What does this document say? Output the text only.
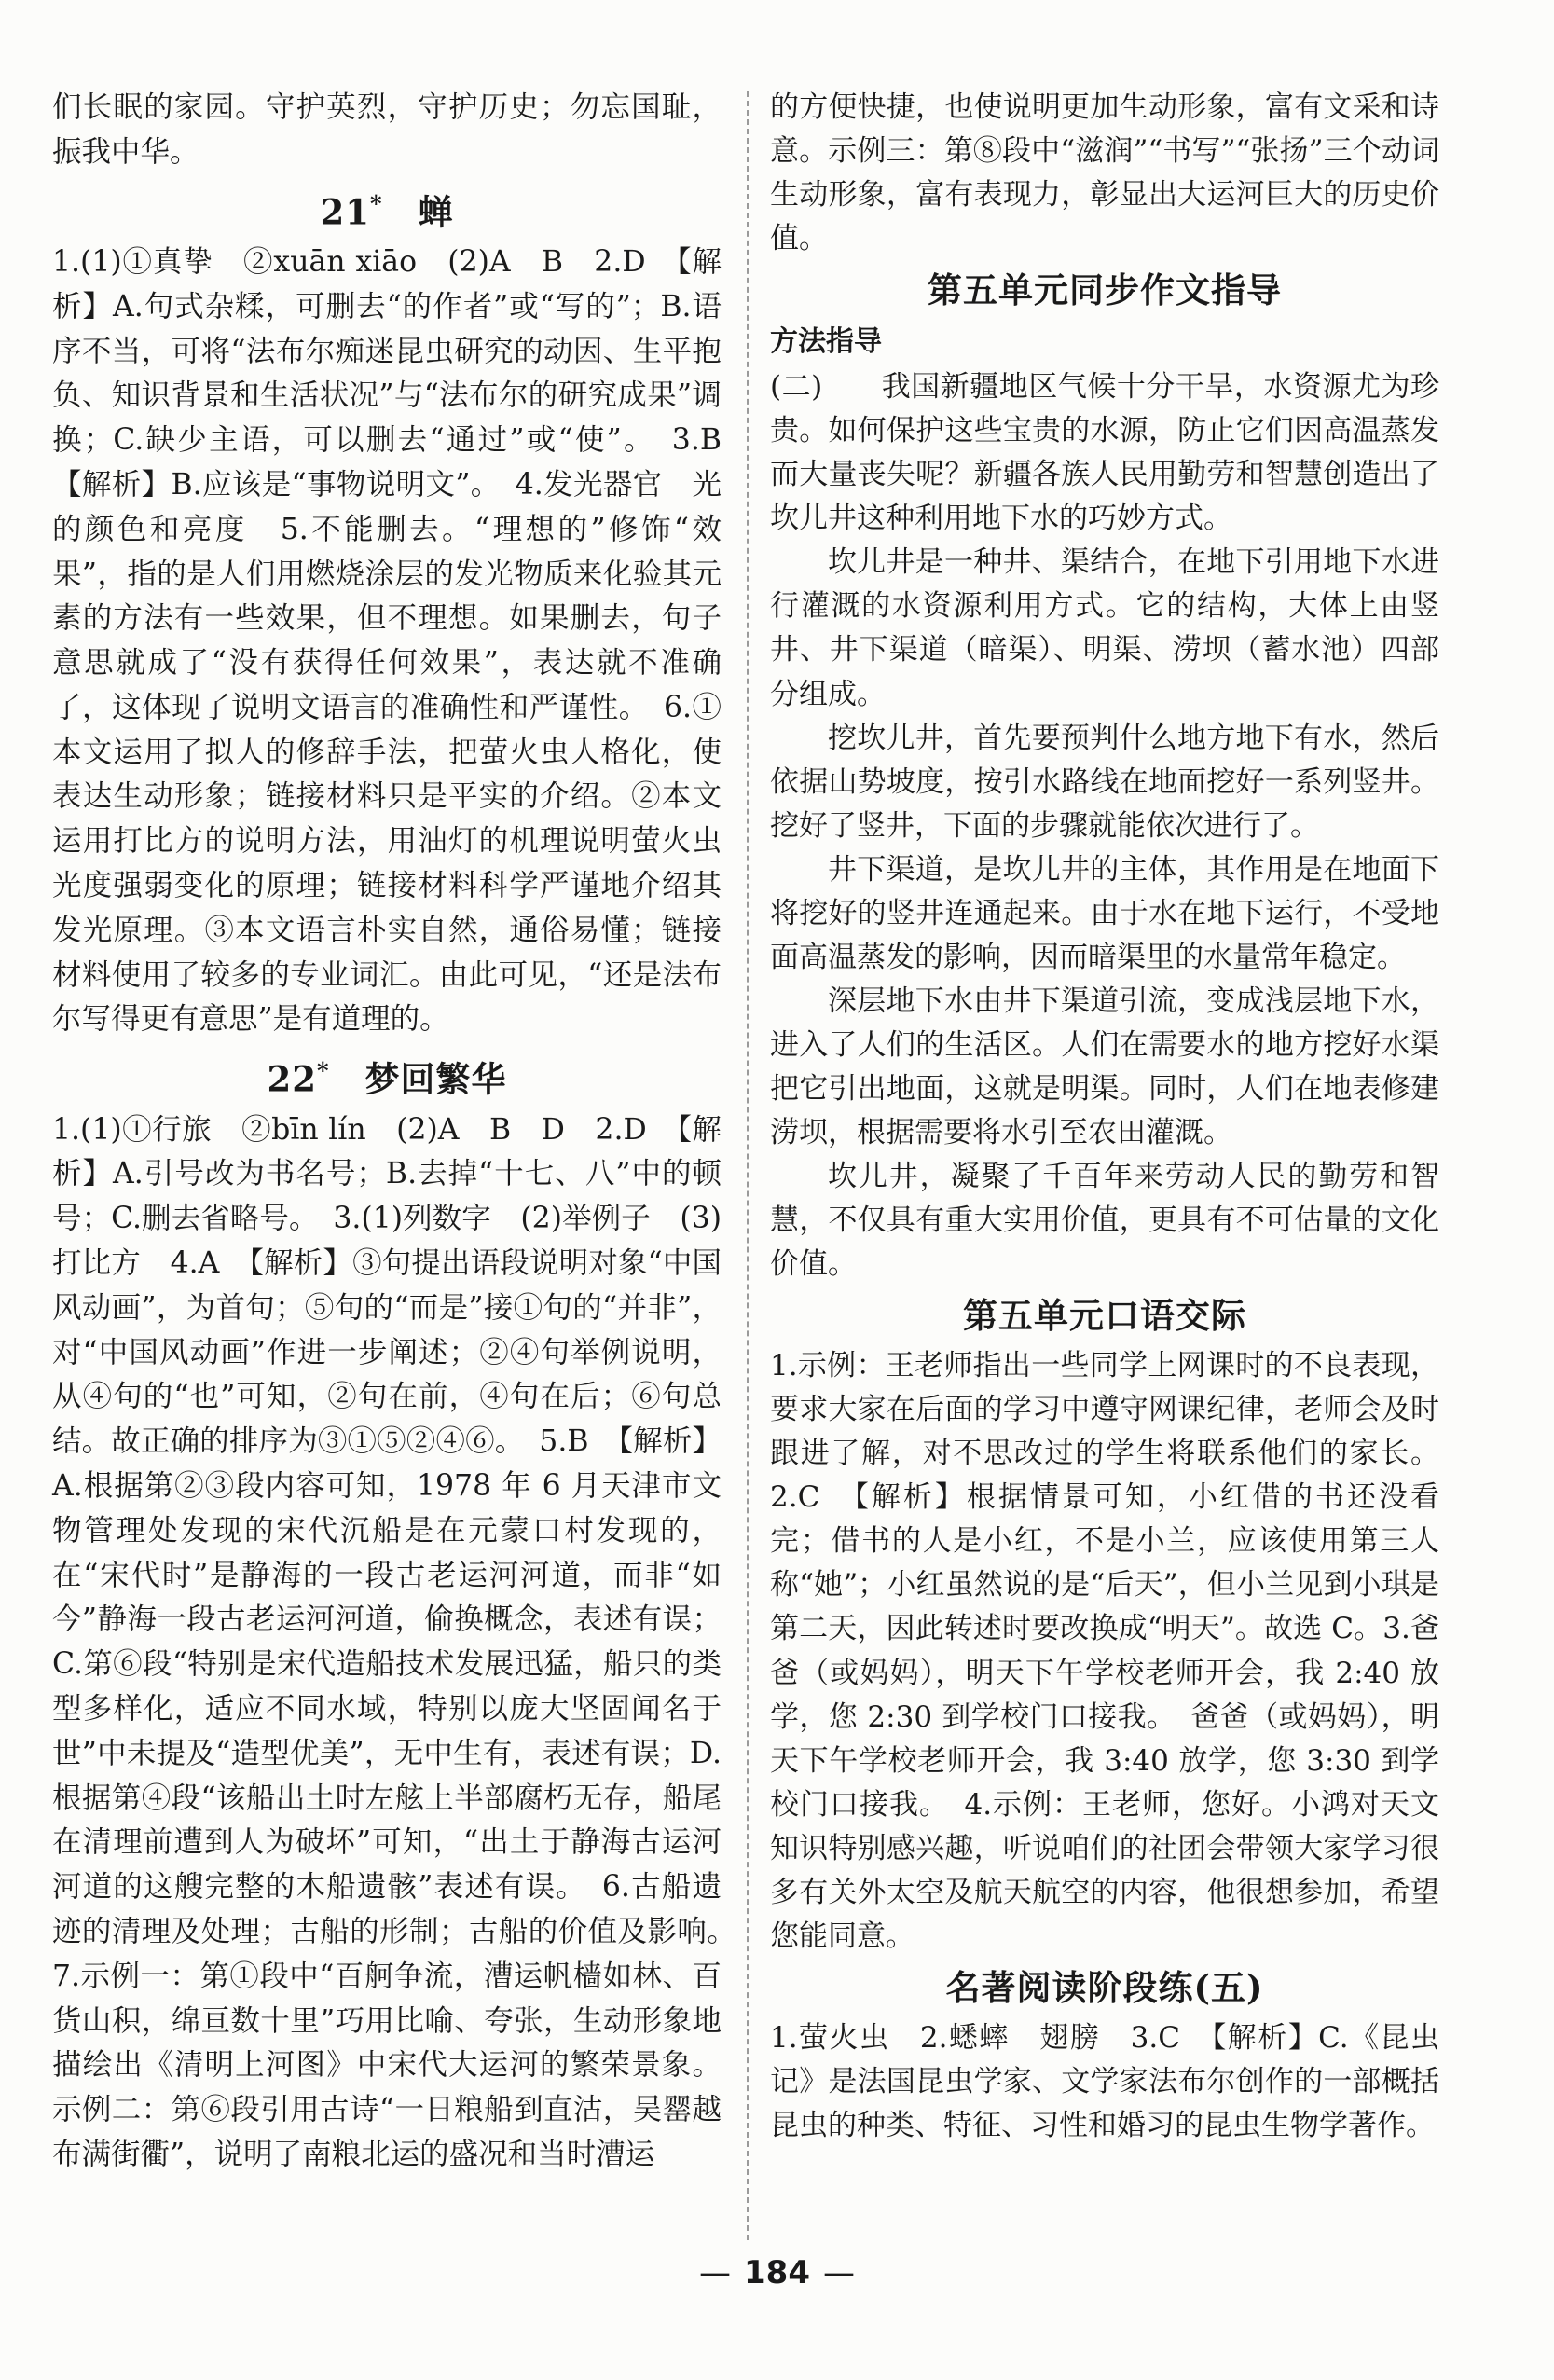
们长眠的家园。守护英烈，守护历史；勿忘国耻，振我中华。

21*  蝉

1.(1)①真挚　②xuān xiāo　(2)A　B　2.D　【解析】A.句式杂糅，可删去“的作者”或“写的”；B.语序不当，可将“法布尔痴迷昆虫研究的动因、生平抱负、知识背景和生活状况”与“法布尔的研究成果”调换；C.缺少主语，可以删去“通过”或“使”。　3.B　【解析】B.应该是“事物说明文”。　4.发光器官　光的颜色和亮度　5.不能删去。“理想的”修饰“效果”，指的是人们用燃烧涂层的发光物质来化验其元素的方法有一些效果，但不理想。如果删去，句子意思就成了“没有获得任何效果”，表达就不准确了，这体现了说明文语言的准确性和严谨性。　6.①本文运用了拟人的修辞手法，把萤火虫人格化，使表达生动形象；链接材料只是平实的介绍。②本文运用打比方的说明方法，用油灯的机理说明萤火虫光度强弱变化的原理；链接材料科学严谨地介绍其发光原理。③本文语言朴实自然，通俗易懂；链接材料使用了较多的专业词汇。由此可见，“还是法布尔写得更有意思”是有道理的。

22*  梦回繁华

1.(1)①行旅　②bīn lín　(2)A　B　D　2.D　【解析】A.引号改为书名号；B.去掉“十七、八”中的顿号；C.删去省略号。　3.(1)列数字　(2)举例子　(3)打比方　4.A　【解析】③句提出语段说明对象“中国风动画”，为首句；⑤句的“而是”接①句的“并非”，对“中国风动画”作进一步阐述；②④句举例说明，从④句的“也”可知，②句在前，④句在后；⑥句总结。故正确的排序为③①⑤②④⑥。　5.B　【解析】A.根据第②③段内容可知，1978 年 6 月天津市文物管理处发现的宋代沉船是在元蒙口村发现的，在“宋代时”是静海的一段古老运河河道，而非“如今”静海一段古老运河河道，偷换概念，表述有误；C.第⑥段“特别是宋代造船技术发展迅猛，船只的类型多样化，适应不同水域，特别以庞大坚固闻名于世”中未提及“造型优美”，无中生有，表述有误；D.根据第④段“该船出土时左舷上半部腐朽无存，船尾在清理前遭到人为破坏”可知，“出土于静海古运河河道的这艘完整的木船遗骸”表述有误。　6.古船遗迹的清理及处理；古船的形制；古船的价值及影响。　7.示例一：第①段中“百舸争流，漕运帆樯如林、百货山积，绵亘数十里”巧用比喻、夸张，生动形象地描绘出《清明上河图》中宋代大运河的繁荣景象。示例二：第⑥段引用古诗“一日粮船到直沽，吴罂越布满街衢”，说明了南粮北运的盛况和当时漕运

的方便快捷，也使说明更加生动形象，富有文采和诗意。示例三：第⑧段中“滋润”“书写”“张扬”三个动词生动形象，富有表现力，彰显出大运河巨大的历史价值。

第五单元同步作文指导
方法指导

(二)　　我国新疆地区气候十分干旱，水资源尤为珍贵。如何保护这些宝贵的水源，防止它们因高温蒸发而大量丧失呢？新疆各族人民用勤劳和智慧创造出了坎儿井这种利用地下水的巧妙方式。

坎儿井是一种井、渠结合，在地下引用地下水进行灌溉的水资源利用方式。它的结构，大体上由竖井、井下渠道（暗渠）、明渠、涝坝（蓄水池）四部分组成。

挖坎儿井，首先要预判什么地方地下有水，然后依据山势坡度，按引水路线在地面挖好一系列竖井。挖好了竖井，下面的步骤就能依次进行了。

井下渠道，是坎儿井的主体，其作用是在地面下将挖好的竖井连通起来。由于水在地下运行，不受地面高温蒸发的影响，因而暗渠里的水量常年稳定。

深层地下水由井下渠道引流，变成浅层地下水，进入了人们的生活区。人们在需要水的地方挖好水渠把它引出地面，这就是明渠。同时，人们在地表修建涝坝，根据需要将水引至农田灌溉。

坎儿井，凝聚了千百年来劳动人民的勤劳和智慧，不仅具有重大实用价值，更具有不可估量的文化价值。

第五单元口语交际

1.示例：王老师指出一些同学上网课时的不良表现，要求大家在后面的学习中遵守网课纪律，老师会及时跟进了解，对不思改过的学生将联系他们的家长。2.C　【解析】根据情景可知，小红借的书还没看完；借书的人是小红，不是小兰，应该使用第三人称“她”；小红虽然说的是“后天”，但小兰见到小琪是第二天，因此转述时要改换成“明天”。故选 C。3.爸爸（或妈妈），明天下午学校老师开会，我 2:40 放学，您 2:30 到学校门口接我。　爸爸（或妈妈），明天下午学校老师开会，我 3:40 放学，您 3:30 到学校门口接我。　4.示例：王老师，您好。小鸿对天文知识特别感兴趣，听说咱们的社团会带领大家学习很多有关外太空及航天航空的内容，他很想参加，希望您能同意。

名著阅读阶段练(五)

1.萤火虫　2.蟋蟀　翅膀　3.C　【解析】C.《昆虫记》是法国昆虫学家、文学家法布尔创作的一部概括昆虫的种类、特征、习性和婚习的昆虫生物学著作。

— 184 —
